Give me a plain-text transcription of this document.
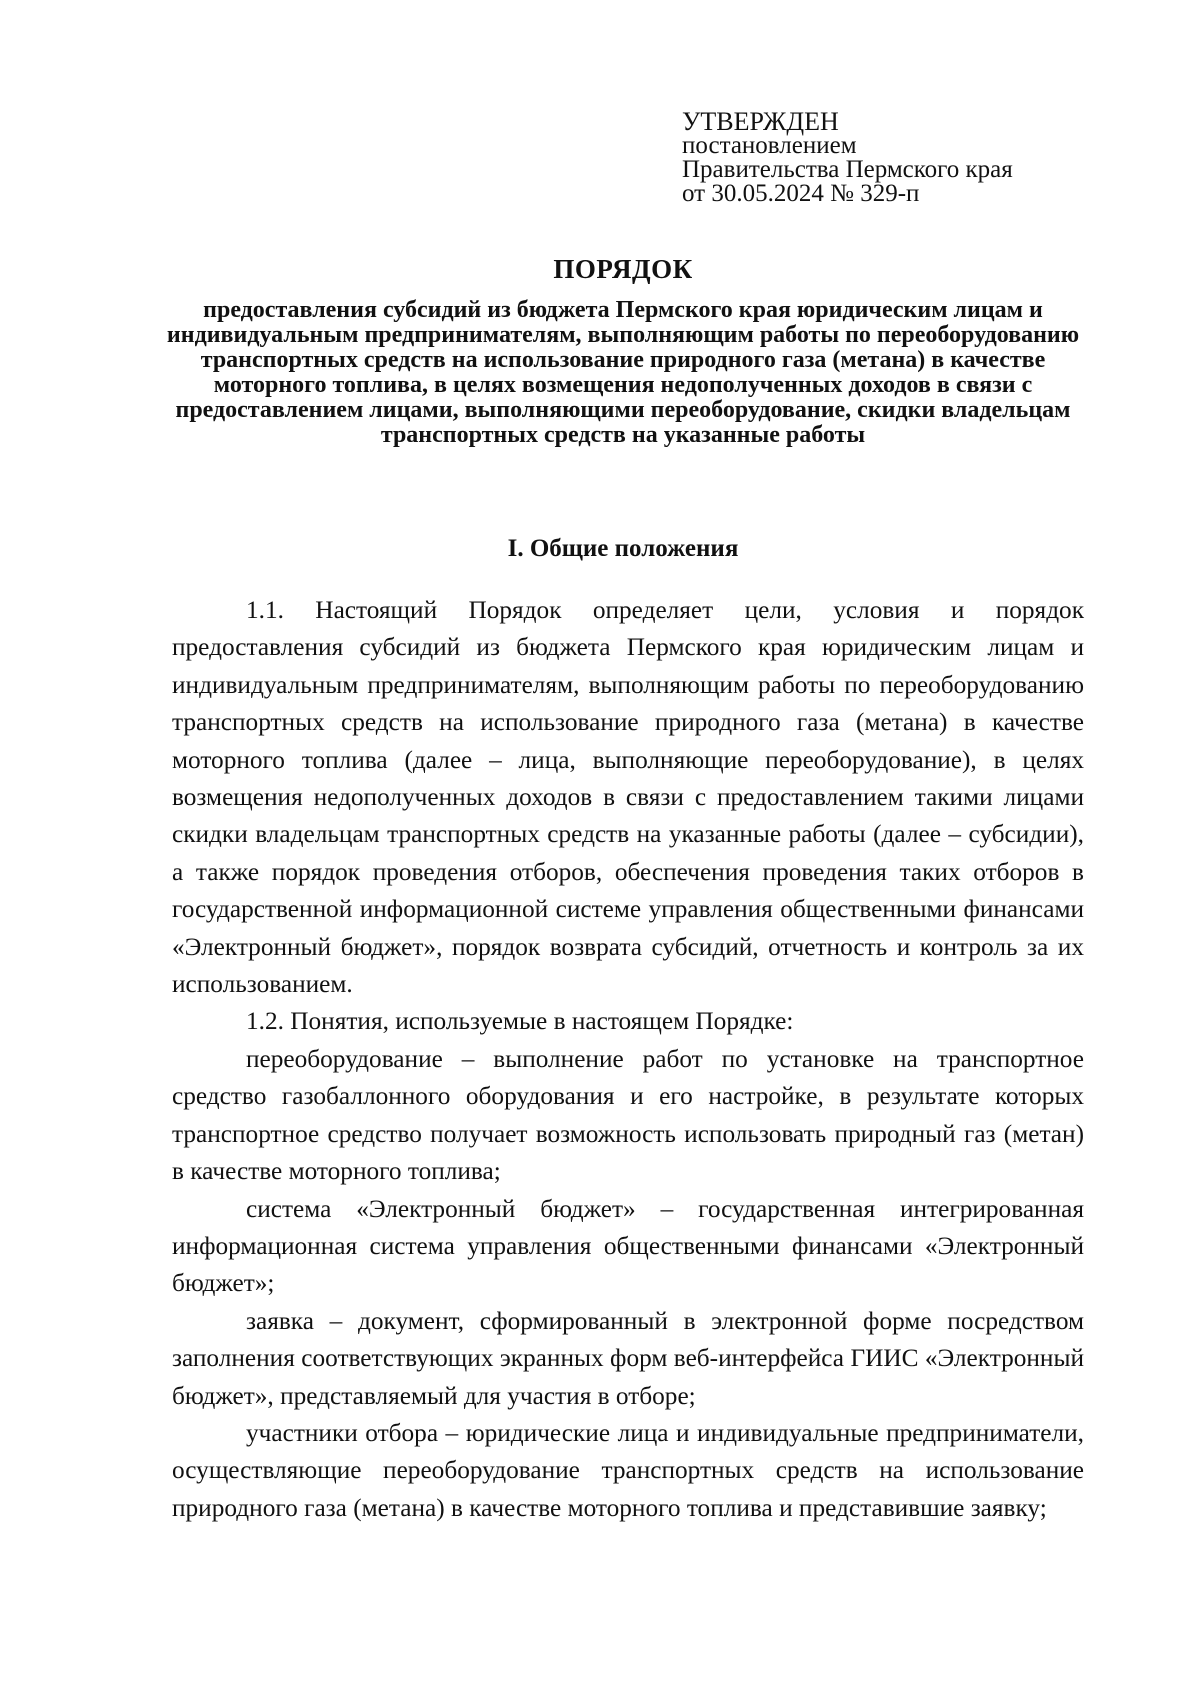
УТВЕРЖДЕН
постановлением
Правительства Пермского края
от 30.05.2024 № 329-п
ПОРЯДОК
предоставления субсидий из бюджета Пермского края юридическим лицам и индивидуальным предпринимателям, выполняющим работы по переоборудованию транспортных средств на использование природного газа (метана) в качестве моторного топлива, в целях возмещения недополученных доходов в связи с предоставлением лицами, выполняющими переоборудование, скидки владельцам транспортных средств на указанные работы
I. Общие положения

1.1. Настоящий Порядок определяет цели, условия и порядок предоставления субсидий из бюджета Пермского края юридическим лицам и индивидуальным предпринимателям, выполняющим работы по переоборудованию транспортных средств на использование природного газа (метана) в качестве моторного топлива (далее – лица, выполняющие переоборудование), в целях возмещения недополученных доходов в связи с предоставлением такими лицами скидки владельцам транспортных средств на указанные работы (далее – субсидии), а также порядок проведения отборов, обеспечения проведения таких отборов в государственной информационной системе управления общественными финансами «Электронный бюджет», порядок возврата субсидий, отчетность и контроль за их использованием.

1.2. Понятия, используемые в настоящем Порядке:

переоборудование – выполнение работ по установке на транспортное средство газобаллонного оборудования и его настройке, в результате которых транспортное средство получает возможность использовать природный газ (метан) в качестве моторного топлива;

система «Электронный бюджет» – государственная интегрированная информационная система управления общественными финансами «Электронный бюджет»;

заявка – документ, сформированный в электронной форме посредством заполнения соответствующих экранных форм веб-интерфейса ГИИС «Электронный бюджет», представляемый для участия в отборе;

участники отбора – юридические лица и индивидуальные предприниматели, осуществляющие переоборудование транспортных средств на использование природного газа (метана) в качестве моторного топлива и представившие заявку;
